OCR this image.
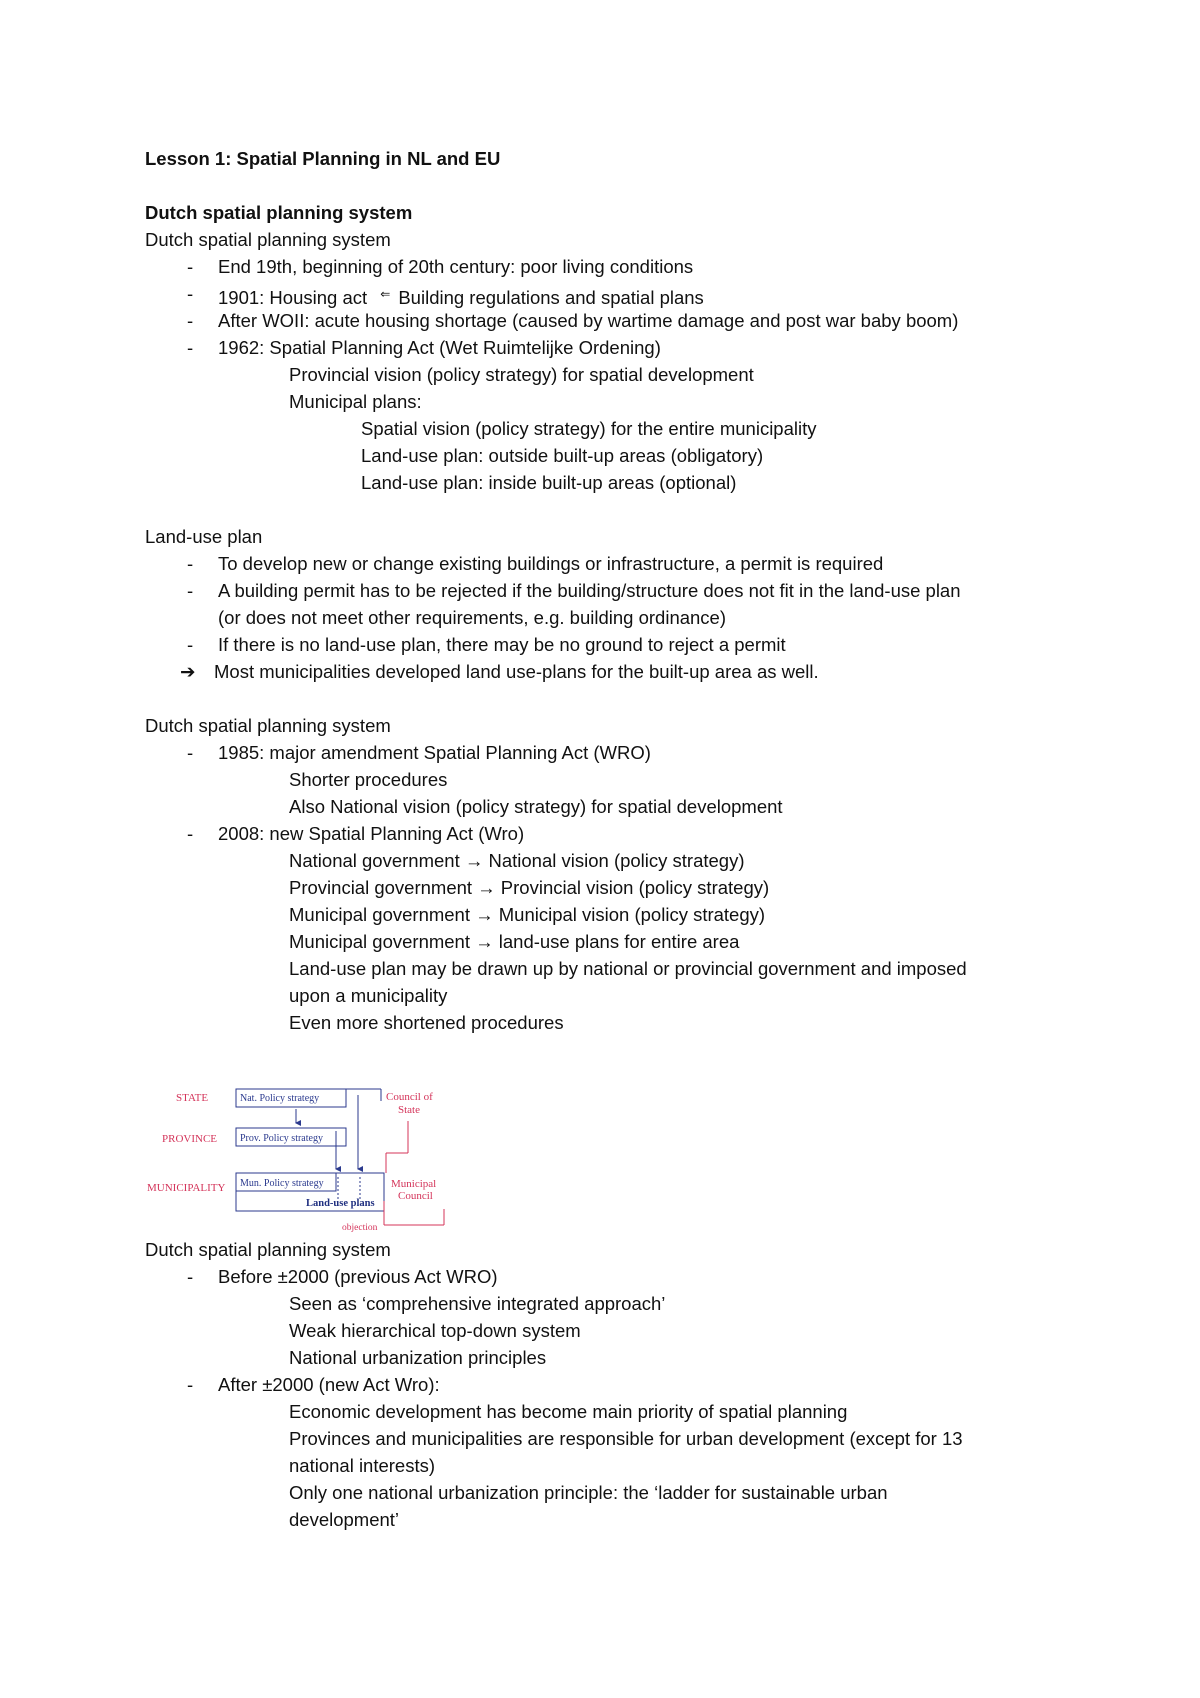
Lesson 1: Spatial Planning in NL and EU
Dutch spatial planning system
Dutch spatial planning system
- End 19th, beginning of 20th century: poor living conditions
- 1901: Housing act ⇐ Building regulations and spatial plans
- After WOII: acute housing shortage (caused by wartime damage and post war baby boom)
- 1962: Spatial Planning Act (Wet Ruimtelijke Ordening)
Provincial vision (policy strategy) for spatial development
Municipal plans:
Spatial vision (policy strategy) for the entire municipality
Land-use plan: outside built-up areas (obligatory)
Land-use plan: inside built-up areas (optional)
Land-use plan
- To develop new or change existing buildings or infrastructure, a permit is required
- A building permit has to be rejected if the building/structure does not fit in the land-use plan
(or does not meet other requirements, e.g. building ordinance)
- If there is no land-use plan, there may be no ground to reject a permit
➔ Most municipalities developed land use-plans for the built-up area as well.
Dutch spatial planning system
- 1985: major amendment Spatial Planning Act (WRO)
Shorter procedures
Also National vision (policy strategy) for spatial development
- 2008: new Spatial Planning Act (Wro)
National government → National vision (policy strategy)
Provincial government → Provincial vision (policy strategy)
Municipal government → Municipal vision (policy strategy)
Municipal government → land-use plans for entire area
Land-use plan may be drawn up by national or provincial government and imposed
upon a municipality
Even more shortened procedures
STATE
PROVINCE
MUNICIPALITY
Nat. Policy strategy
Prov. Policy strategy
Mun. Policy strategy
Land-use plans
Council of
State
Municipal
Council
objection
Dutch spatial planning system
- Before ±2000 (previous Act WRO)
Seen as ‘comprehensive integrated approach’
Weak hierarchical top-down system
National urbanization principles
- After ±2000 (new Act Wro):
Economic development has become main priority of spatial planning
Provinces and municipalities are responsible for urban development (except for 13
national interests)
Only one national urbanization principle: the ‘ladder for sustainable urban
development’
